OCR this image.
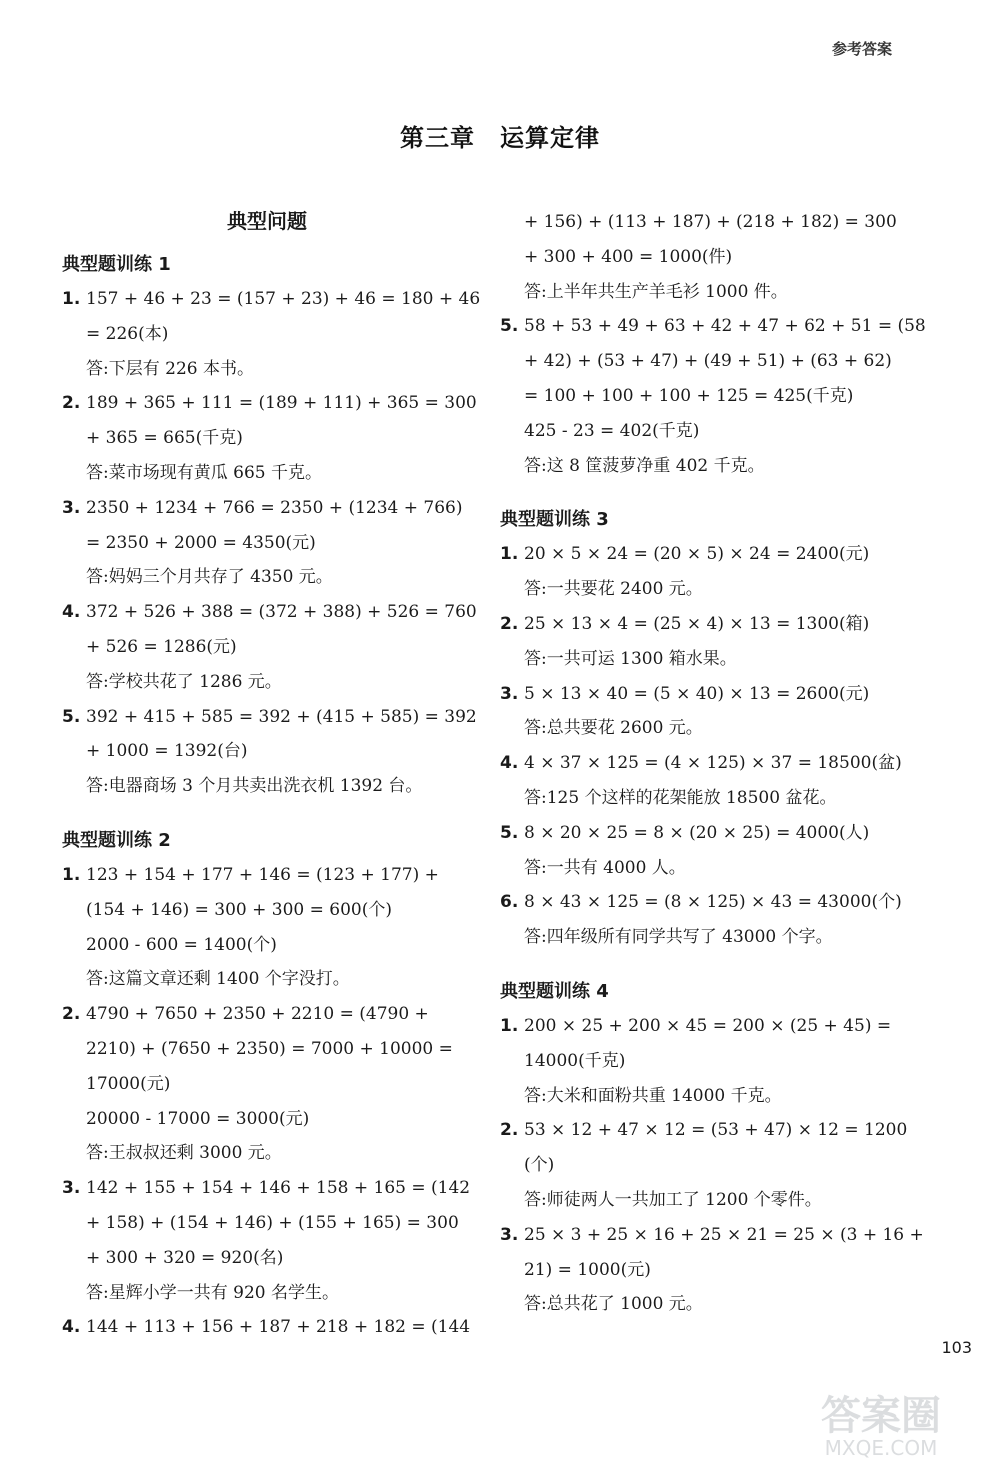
参考答案
第三章　运算定律
典型问题
典型题训练 1
1. 157 + 46 + 23 = (157 + 23) + 46 = 180 + 46
= 226(本)
答:下层有 226 本书。
2. 189 + 365 + 111 = (189 + 111) + 365 = 300
+ 365 = 665(千克)
答:菜市场现有黄瓜 665 千克。
3. 2350 + 1234 + 766 = 2350 + (1234 + 766)
= 2350 + 2000 = 4350(元)
答:妈妈三个月共存了 4350 元。
4. 372 + 526 + 388 = (372 + 388) + 526 = 760
+ 526 = 1286(元)
答:学校共花了 1286 元。
5. 392 + 415 + 585 = 392 + (415 + 585) = 392
+ 1000 = 1392(台)
答:电器商场 3 个月共卖出洗衣机 1392 台。
典型题训练 2
1. 123 + 154 + 177 + 146 = (123 + 177) +
(154 + 146) = 300 + 300 = 600(个)
2000 - 600 = 1400(个)
答:这篇文章还剩 1400 个字没打。
2. 4790 + 7650 + 2350 + 2210 = (4790 +
2210) + (7650 + 2350) = 7000 + 10000 =
17000(元)
20000 - 17000 = 3000(元)
答:王叔叔还剩 3000 元。
3. 142 + 155 + 154 + 146 + 158 + 165 = (142
+ 158) + (154 + 146) + (155 + 165) = 300
+ 300 + 320 = 920(名)
答:星辉小学一共有 920 名学生。
4. 144 + 113 + 156 + 187 + 218 + 182 = (144
+ 156) + (113 + 187) + (218 + 182) = 300
+ 300 + 400 = 1000(件)
答:上半年共生产羊毛衫 1000 件。
5. 58 + 53 + 49 + 63 + 42 + 47 + 62 + 51 = (58
+ 42) + (53 + 47) + (49 + 51) + (63 + 62)
= 100 + 100 + 100 + 125 = 425(千克)
425 - 23 = 402(千克)
答:这 8 筐菠萝净重 402 千克。
典型题训练 3
1. 20 × 5 × 24 = (20 × 5) × 24 = 2400(元)
答:一共要花 2400 元。
2. 25 × 13 × 4 = (25 × 4) × 13 = 1300(箱)
答:一共可运 1300 箱水果。
3. 5 × 13 × 40 = (5 × 40) × 13 = 2600(元)
答:总共要花 2600 元。
4. 4 × 37 × 125 = (4 × 125) × 37 = 18500(盆)
答:125 个这样的花架能放 18500 盆花。
5. 8 × 20 × 25 = 8 × (20 × 25) = 4000(人)
答:一共有 4000 人。
6. 8 × 43 × 125 = (8 × 125) × 43 = 43000(个)
答:四年级所有同学共写了 43000 个字。
典型题训练 4
1. 200 × 25 + 200 × 45 = 200 × (25 + 45) =
14000(千克)
答:大米和面粉共重 14000 千克。
2. 53 × 12 + 47 × 12 = (53 + 47) × 12 = 1200
(个)
答:师徒两人一共加工了 1200 个零件。
3. 25 × 3 + 25 × 16 + 25 × 21 = 25 × (3 + 16 +
21) = 1000(元)
答:总共花了 1000 元。
103
答案圈
MXQE.COM
